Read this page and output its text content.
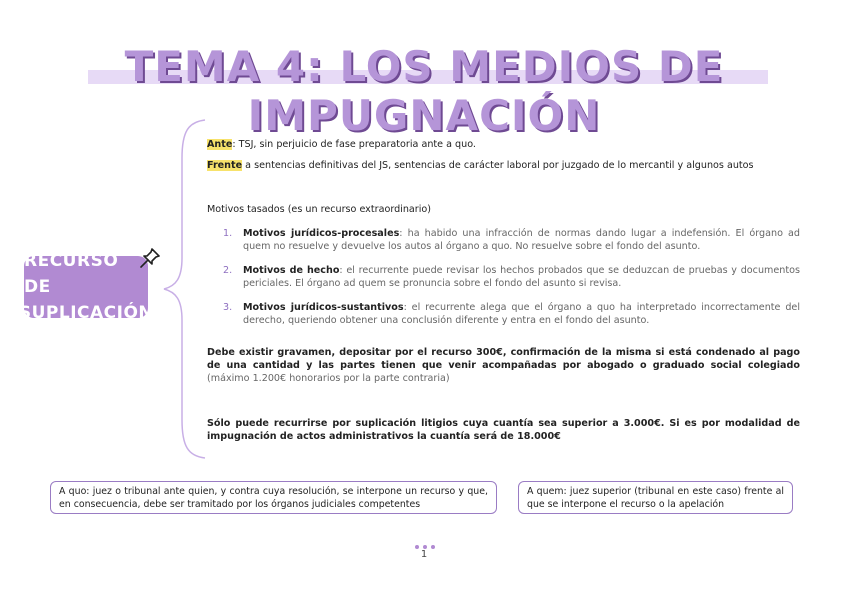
TEMA 4: LOS MEDIOS DE IMPUGNACIÓN
RECURSO DE
SUPLICACIÓN

Ante: TSJ, sin perjuicio de fase preparatoria ante a quo.

Frente a sentencias definitivas del JS, sentencias de carácter laboral por juzgado de lo mercantil y algunos autos

Motivos tasados (es un recurso extraordinario)

1. Motivos jurídicos-procesales: ha habido una infracción de normas dando lugar a indefensión. El órgano ad quem no resuelve y devuelve los autos al órgano a quo. No resuelve sobre el fondo del asunto.
2. Motivos de hecho: el recurrente puede revisar los hechos probados que se deduzcan de pruebas y documentos periciales. El órgano ad quem se pronuncia sobre el fondo del asunto si revisa.
3. Motivos jurídicos-sustantivos: el recurrente alega que el órgano a quo ha interpretado incorrectamente del derecho, queriendo obtener una conclusión diferente y entra en el fondo del asunto.

Debe existir gravamen, depositar por el recurso 300€, confirmación de la misma si está condenado al pago de una cantidad y las partes tienen que venir acompañadas por abogado o graduado social colegiado (máximo 1.200€ honorarios por la parte contraria)

Sólo puede recurrirse por suplicación litigios cuya cuantía sea superior a 3.000€. Si es por modalidad de impugnación de actos administrativos la cuantía será de 18.000€

A quo: juez o tribunal ante quien, y contra cuya resolución, se interpone un recurso y que, en consecuencia, debe ser tramitado por los órganos judiciales competentes
A quem: juez superior (tribunal en este caso) frente al que se interpone el recurso o la apelación
1
